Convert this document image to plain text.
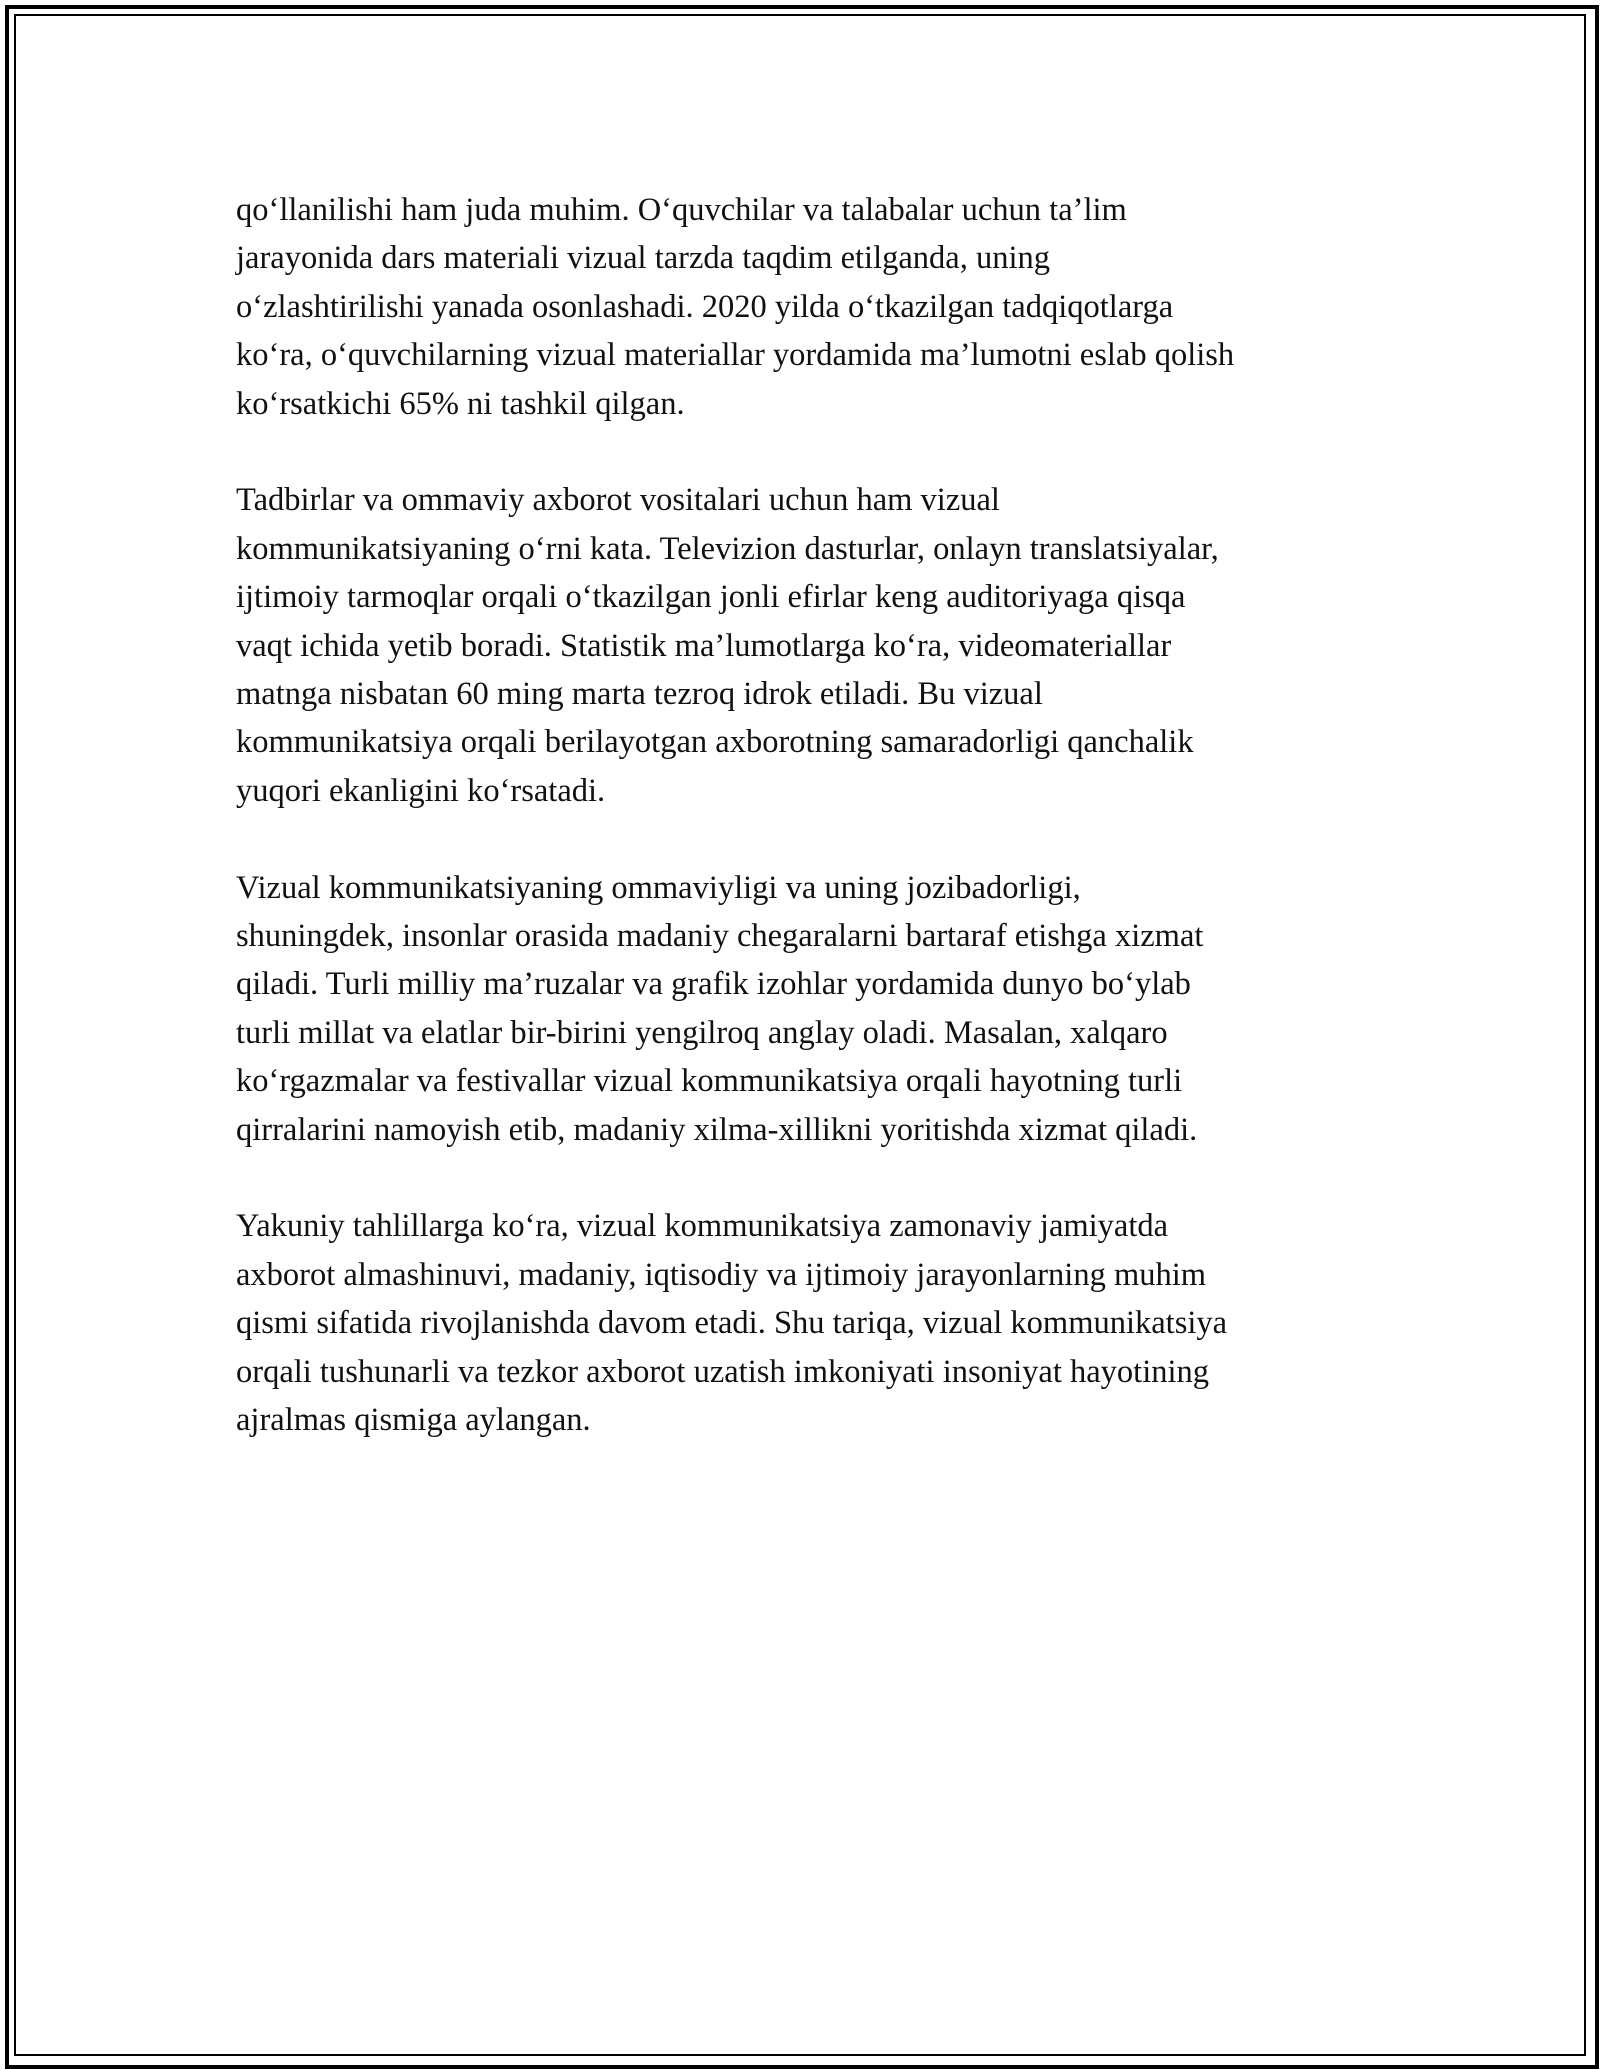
qo‘llanilishi ham juda muhim. O‘quvchilar va talabalar uchun ta’lim
jarayonida dars materiali vizual tarzda taqdim etilganda, uning
o‘zlashtirilishi yanada osonlashadi. 2020 yilda o‘tkazilgan tadqiqotlarga
ko‘ra, o‘quvchilarning vizual materiallar yordamida ma’lumotni eslab qolish
ko‘rsatkichi 65% ni tashkil qilgan.

Tadbirlar va ommaviy axborot vositalari uchun ham vizual
kommunikatsiyaning o‘rni kata. Televizion dasturlar, onlayn translatsiyalar,
ijtimoiy tarmoqlar orqali o‘tkazilgan jonli efirlar keng auditoriyaga qisqa
vaqt ichida yetib boradi. Statistik ma’lumotlarga ko‘ra, videomateriallar
matnga nisbatan 60 ming marta tezroq idrok etiladi. Bu vizual
kommunikatsiya orqali berilayotgan axborotning samaradorligi qanchalik
yuqori ekanligini ko‘rsatadi.

Vizual kommunikatsiyaning ommaviyligi va uning jozibadorligi,
shuningdek, insonlar orasida madaniy chegaralarni bartaraf etishga xizmat
qiladi. Turli milliy ma’ruzalar va grafik izohlar yordamida dunyo bo‘ylab
turli millat va elatlar bir-birini yengilroq anglay oladi. Masalan, xalqaro
ko‘rgazmalar va festivallar vizual kommunikatsiya orqali hayotning turli
qirralarini namoyish etib, madaniy xilma-xillikni yoritishda xizmat qiladi.

Yakuniy tahlillarga ko‘ra, vizual kommunikatsiya zamonaviy jamiyatda
axborot almashinuvi, madaniy, iqtisodiy va ijtimoiy jarayonlarning muhim
qismi sifatida rivojlanishda davom etadi. Shu tariqa, vizual kommunikatsiya
orqali tushunarli va tezkor axborot uzatish imkoniyati insoniyat hayotining
ajralmas qismiga aylangan.
